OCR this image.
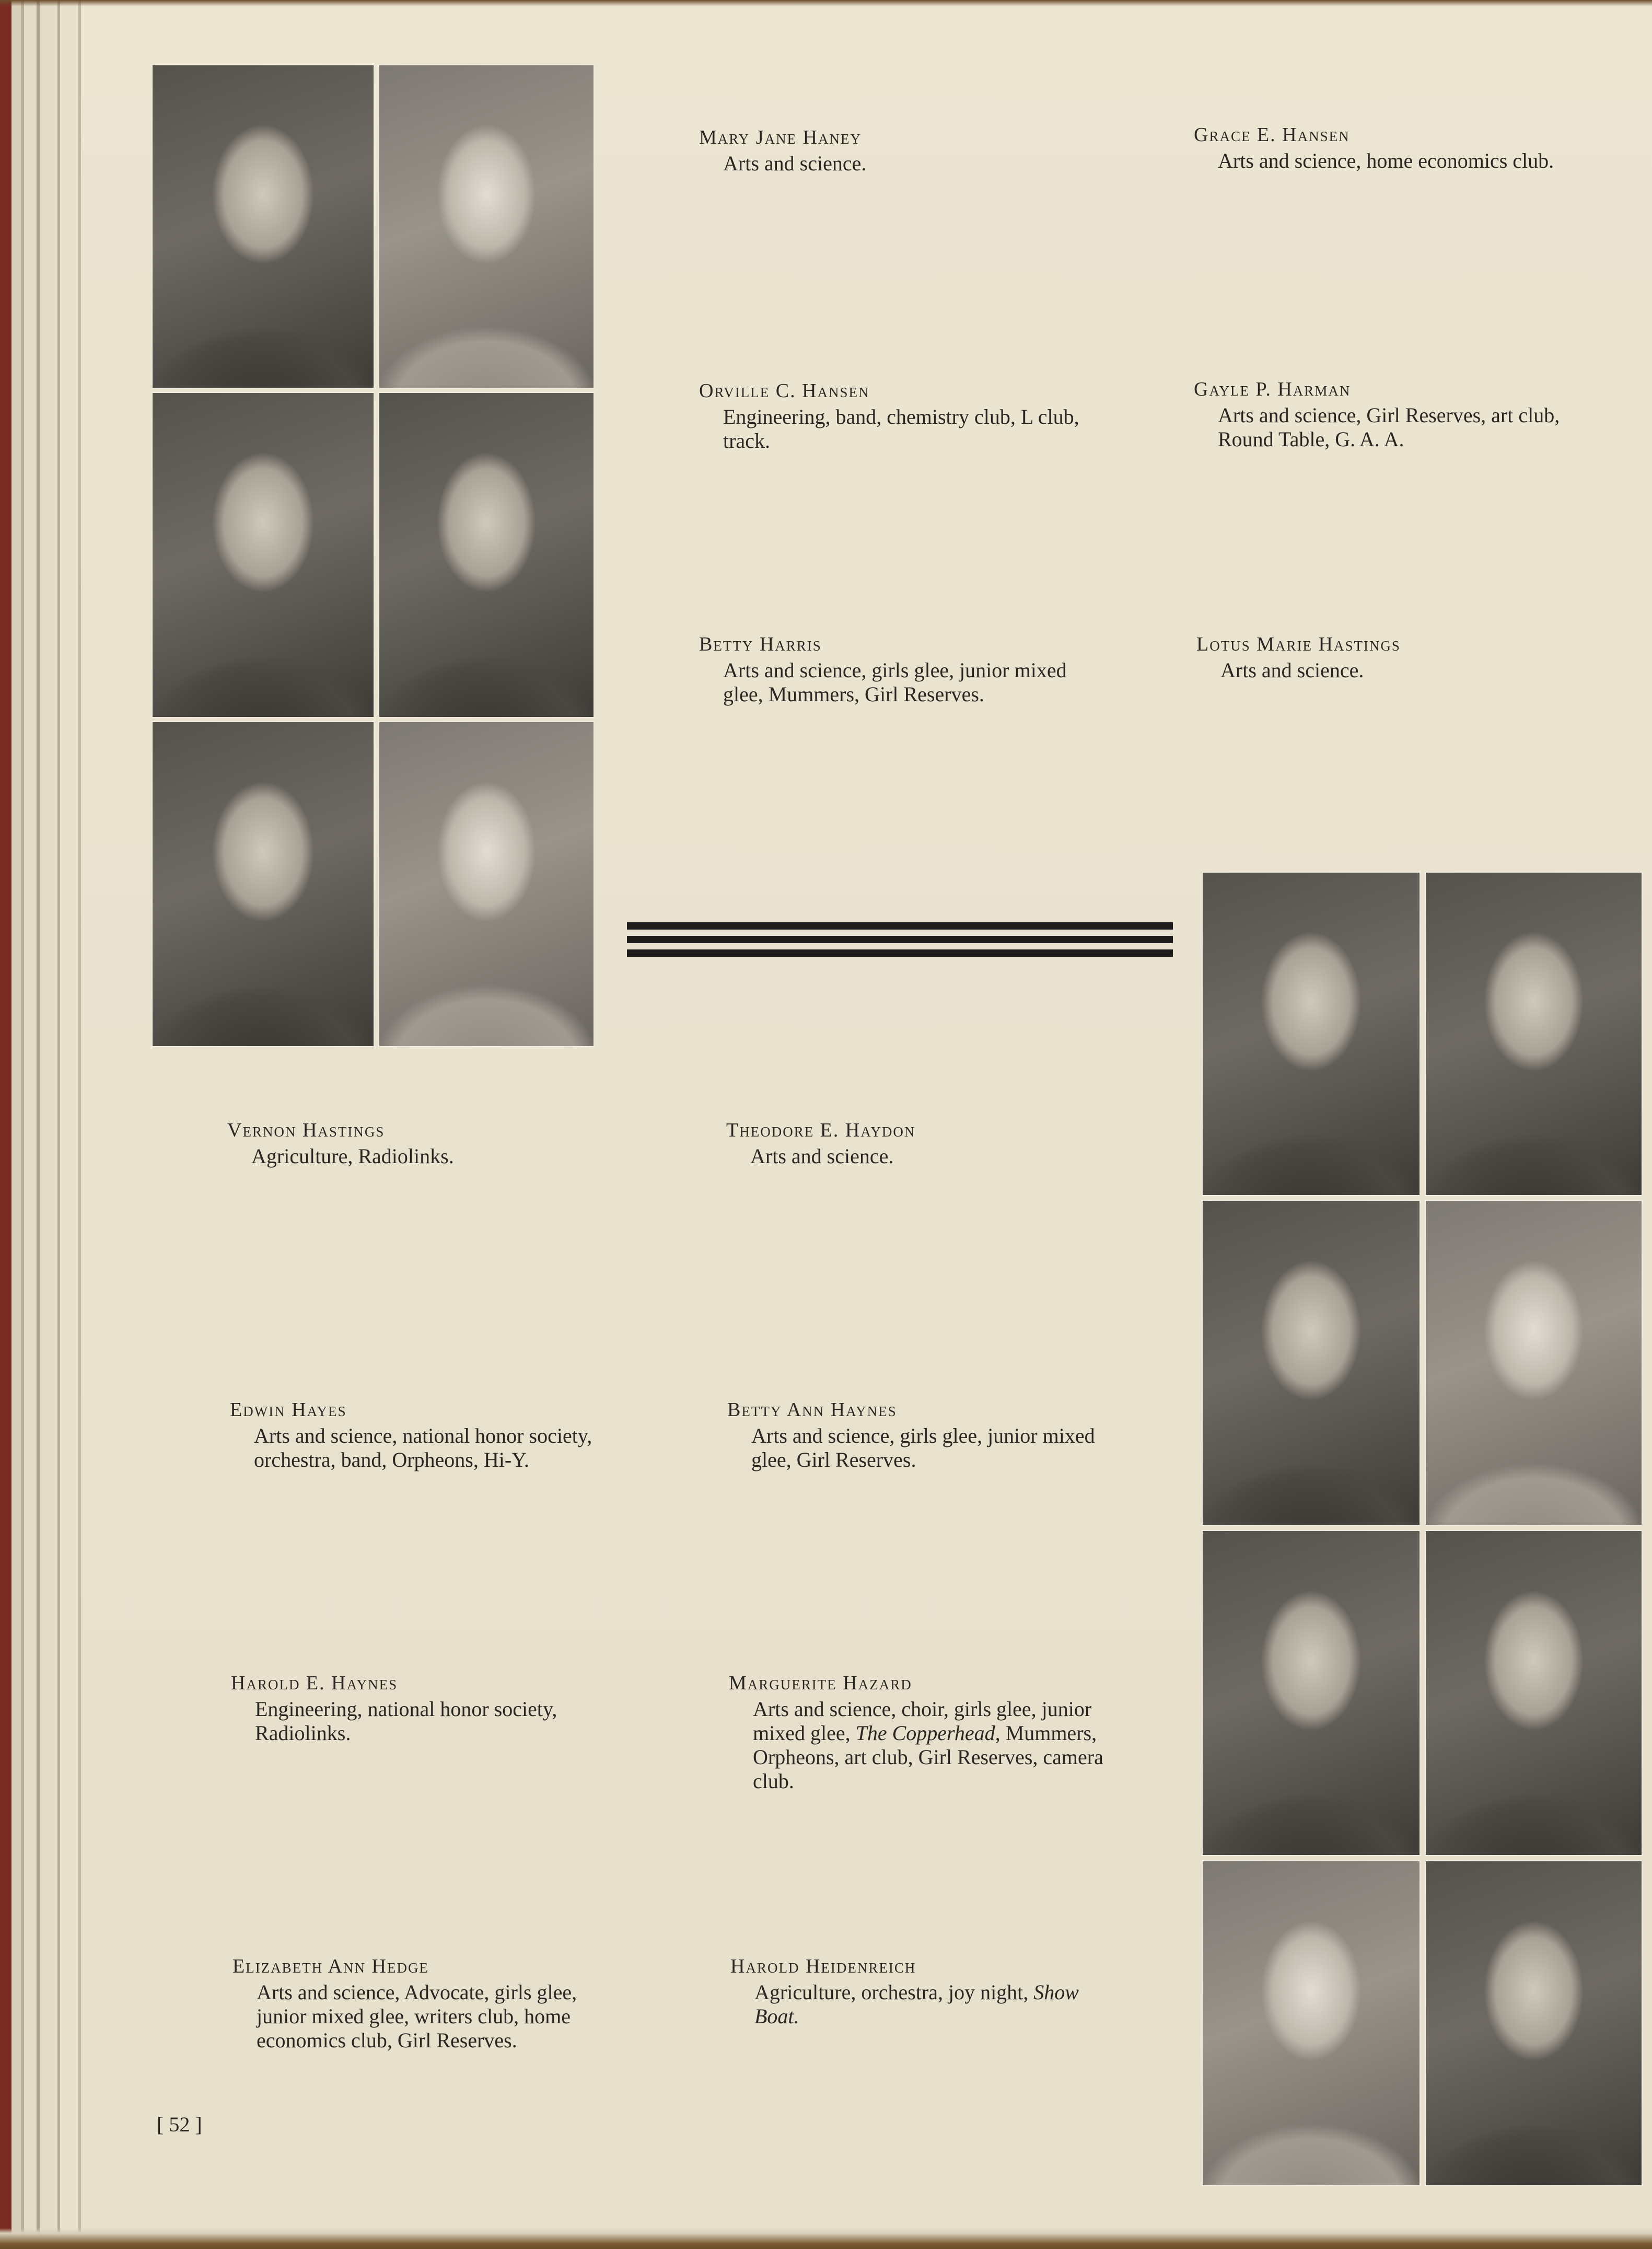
Mary Jane Haney
Arts and science.
Grace E. Hansen
Arts and science, home economics club.
Orville C. Hansen
Engineering, band, chemistry club, L club, track.
Gayle P. Harman
Arts and science, Girl Reserves, art club, Round Table, G. A. A.
Betty Harris
Arts and science, girls glee, junior mixed glee, Mummers, Girl Reserves.
Lotus Marie Hastings
Arts and science.
Vernon Hastings
Agriculture, Radiolinks.
Edwin Hayes
Arts and science, national honor society, orchestra, band, Orpheons, Hi-Y.
Harold E. Haynes
Engineering, national honor society, Radiolinks.
Elizabeth Ann Hedge
Arts and science, Advocate, girls glee, junior mixed glee, writers club, home economics club, Girl Reserves.
Theodore E. Haydon
Arts and science.
Betty Ann Haynes
Arts and science, girls glee, junior mixed glee, Girl Reserves.
Marguerite Hazard
Arts and science, choir, girls glee, junior mixed glee, The Copperhead, Mummers, Orpheons, art club, Girl Reserves, camera club.
Harold Heidenreich
Agriculture, orchestra, joy night, Show Boat.
[ 52 ]
